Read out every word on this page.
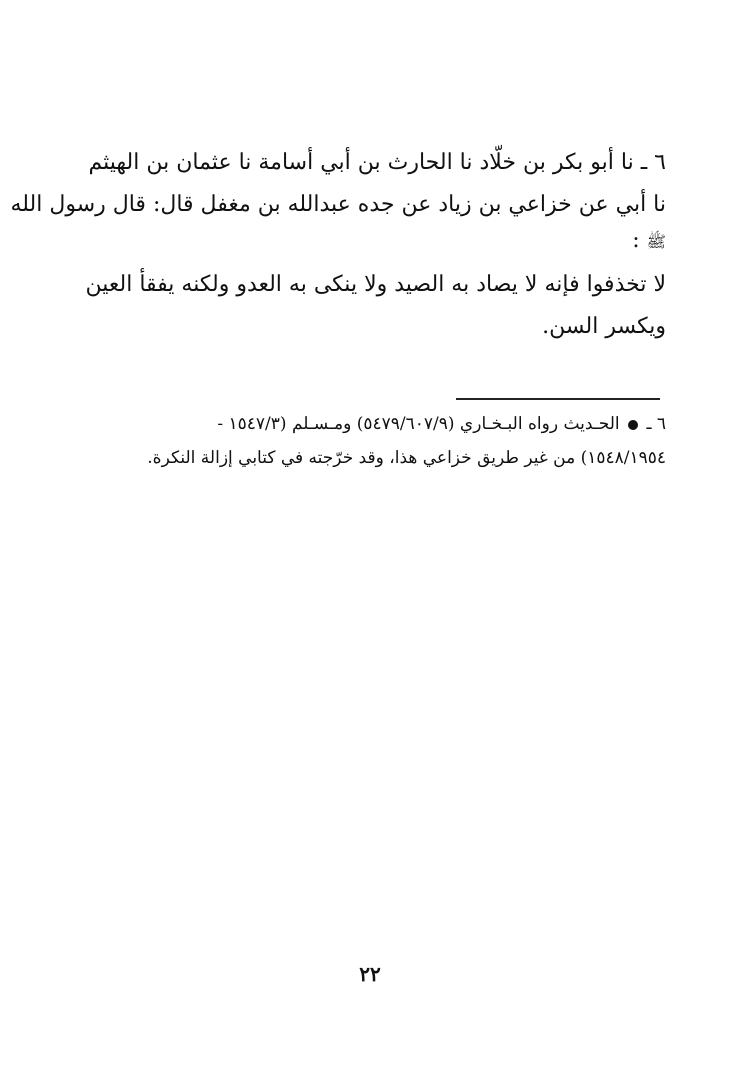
٦ ـ نا أبو بكر بن خلّاد نا الحارث بن أبي أسامة نا عثمان بن الهيثم
نا أبي عن خزاعي بن زياد عن جده عبدالله بن مغفل قال: قال رسول الله
ﷺ :
لا تخذفوا فإنه لا يصاد به الصيد ولا ينكى به العدو ولكنه يفقأ العين
ويكسر السن.
٦ ـ  الحـديث رواه البـخـاري (٥٤٧٩/٦٠٧/٩) ومـسـلم (١٥٤٧/٣ -
١٥٤٨/١٩٥٤) من غير طريق خزاعي هذا، وقد خرّجته في كتابي إزالة النكرة.
٢٢
